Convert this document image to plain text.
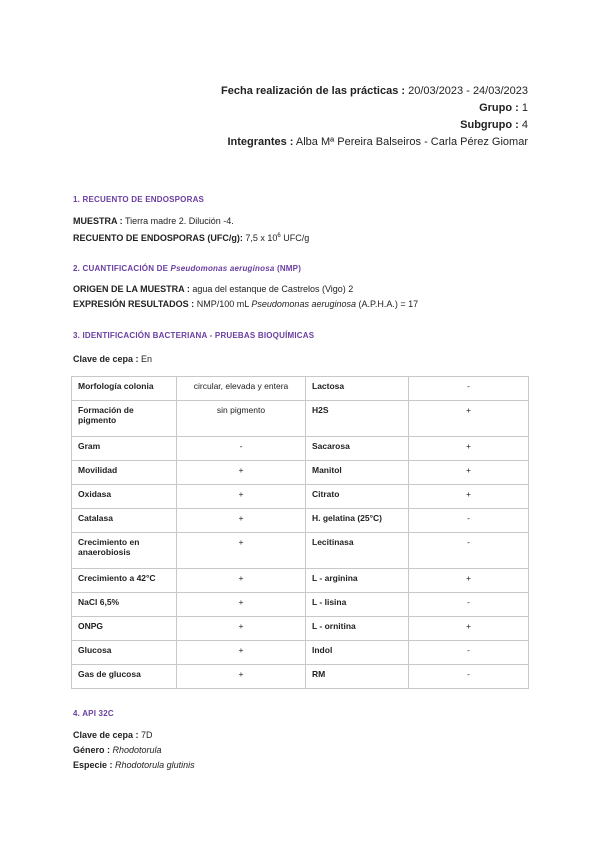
Fecha realización de las prácticas : 20/03/2023 - 24/03/2023
Grupo : 1
Subgrupo : 4
Integrantes : Alba Mª Pereira Balseiros - Carla Pérez Giomar
1. RECUENTO DE ENDOSPORAS
MUESTRA : Tierra madre 2. Dilución -4.
RECUENTO DE ENDOSPORAS (UFC/g): 7,5 x $10^6$ UFC/g
2. CUANTIFICACIÓN DE Pseudomonas aeruginosa (NMP)
ORIGEN DE LA MUESTRA : agua del estanque de Castrelos (Vigo) 2
EXPRESIÓN RESULTADOS : NMP/100 mL Pseudomonas aeruginosa (A.P.H.A.) = 17
3. IDENTIFICACIÓN BACTERIANA - PRUEBAS BIOQUÍMICAS
Clave de cepa : En
Morfología colonia	circular, elevada y entera	Lactosa	-
Formación de pigmento	sin pigmento	H2S	+
Gram	-	Sacarosa	+
Movilidad	+	Manitol	+
Oxidasa	+	Citrato	+
Catalasa	+	H. gelatina (25°C)	-
Crecimiento en anaerobiosis	+	Lecitinasa	-
Crecimiento a 42°C	+	L - arginina	+
NaCl 6,5%	+	L - lisina	-
ONPG	+	L - ornitina	+
Glucosa	+	Indol	-
Gas de glucosa	+	RM	-
4. API 32C
Clave de cepa : 7D
Género : Rhodotorula
Especie : Rhodotorula glutinis
